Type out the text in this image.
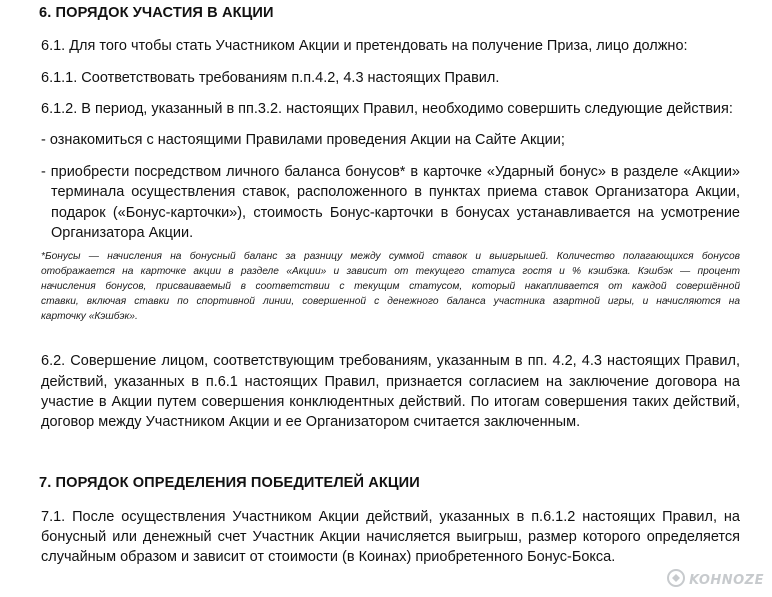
6. ПОРЯДОК УЧАСТИЯ В АКЦИИ
6.1. Для того чтобы стать Участником Акции и претендовать на получение Приза, лицо должно:
6.1.1. Соответствовать требованиям п.п.4.2, 4.3 настоящих Правил.
6.1.2. В период, указанный в пп.3.2. настоящих Правил, необходимо совершить следующие действия:
- ознакомиться с настоящими Правилами проведения Акции на Сайте Акции;
- приобрести посредством личного баланса бонусов* в карточке «Ударный бонус» в разделе «Акции»
терминала осуществления ставок, расположенного в пунктах приема ставок Организатора Акции,
подарок («Бонус-карточки»), стоимость Бонус-карточки в бонусах устанавливается на усмотрение
Организатора Акции.
*Бонусы — начисления на бонусный баланс за разницу между суммой ставок и выигрышей. Количество полагающихся бонусов
отображается на карточке акции в разделе «Акции» и зависит от текущего статуса гостя и % кэшбэка. Кэшбэк — процент
начисления бонусов, присваиваемый в соответствии с текущим статусом, который накапливается от каждой совершённой
ставки, включая ставки по спортивной линии, совершенной с денежного баланса участника азартной игры, и начисляются на
карточку «Кэшбэк».
6.2. Совершение лицом, соответствующим требованиям, указанным в пп. 4.2, 4.3 настоящих Правил,
действий, указанных в п.6.1 настоящих Правил, признается согласием на заключение договора на
участие в Акции путем совершения конклюдентных действий. По итогам совершения таких действий,
договор между Участником Акции и ее Организатором считается заключенным.
7. ПОРЯДОК ОПРЕДЕЛЕНИЯ ПОБЕДИТЕЛЕЙ АКЦИИ
7.1. После осуществления Участником Акции действий, указанных в п.6.1.2 настоящих Правил, на
бонусный или денежный счет Участник Акции начисляется выигрыш, размер которого определяется
случайным образом и зависит от стоимости (в Коинах) приобретенного Бонус-Бокса.
KOHNOZE
